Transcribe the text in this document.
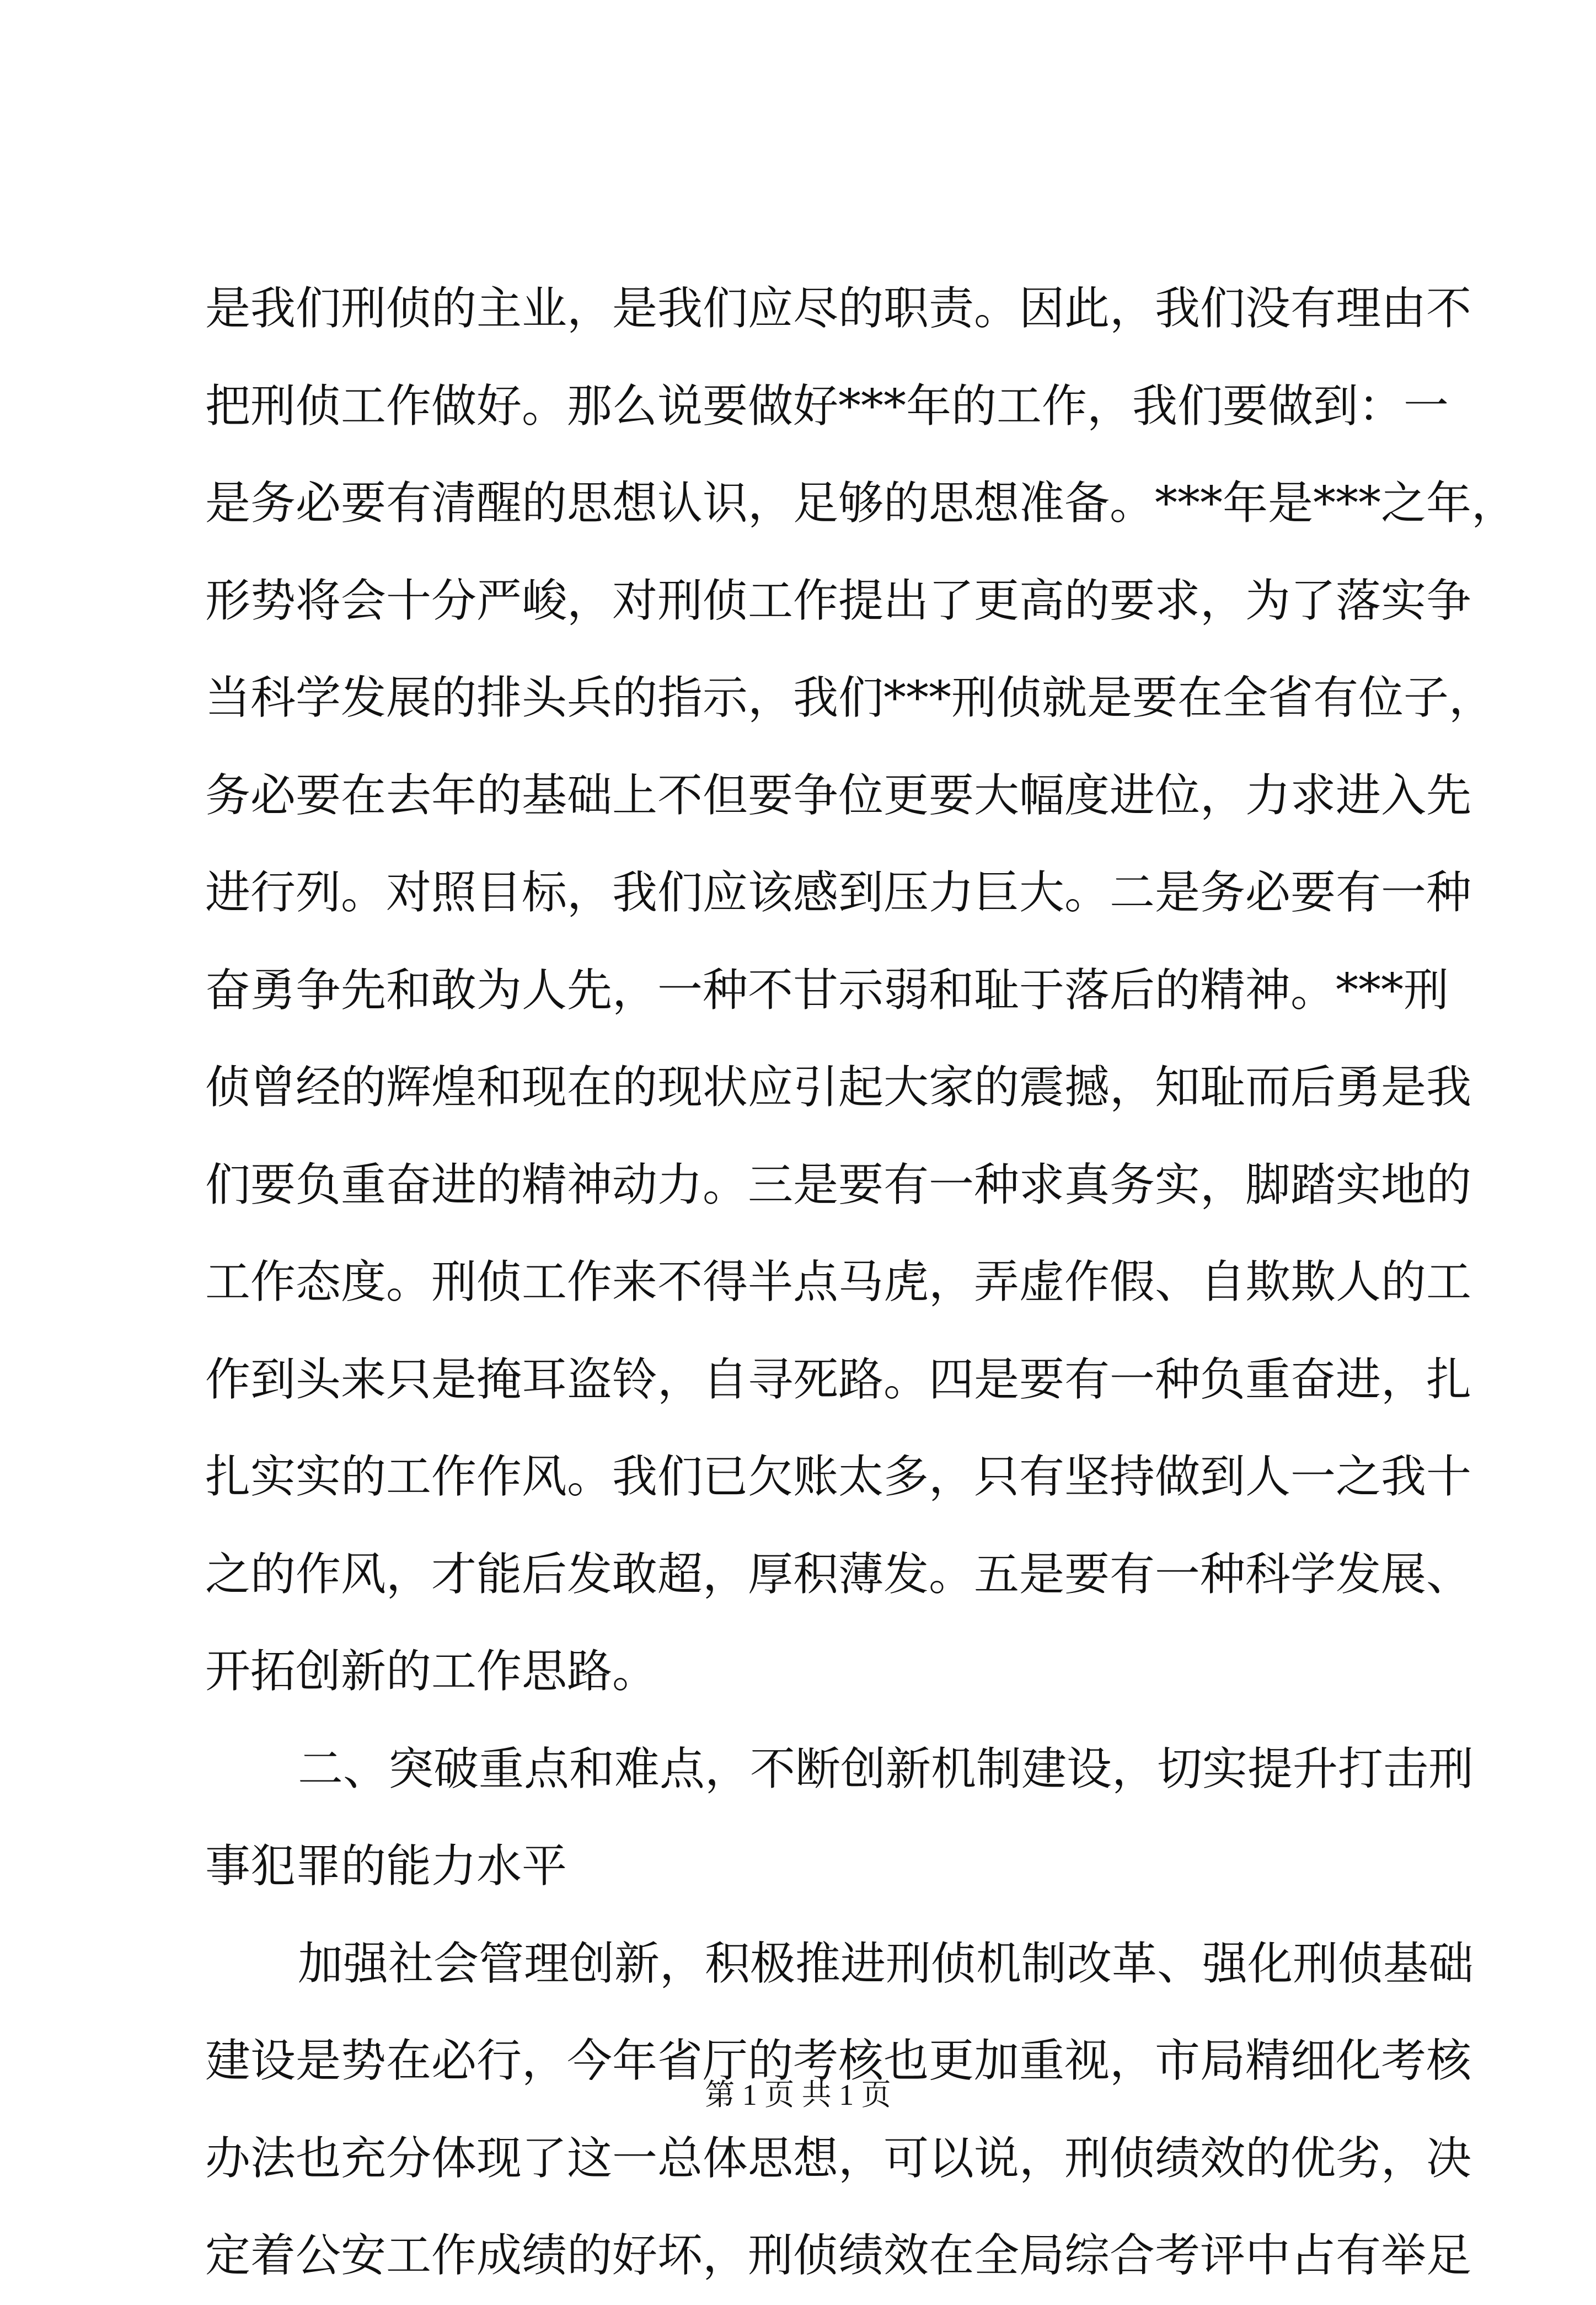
是我们刑侦的主业，是我们应尽的职责。因此，我们没有理由不
把刑侦工作做好。那么说要做好***年的工作，我们要做到：一
是务必要有清醒的思想认识，足够的思想准备。***年是***之年，
形势将会十分严峻，对刑侦工作提出了更高的要求，为了落实争
当科学发展的排头兵的指示，我们***刑侦就是要在全省有位子，
务必要在去年的基础上不但要争位更要大幅度进位，力求进入先
进行列。对照目标，我们应该感到压力巨大。二是务必要有一种
奋勇争先和敢为人先，一种不甘示弱和耻于落后的精神。***刑
侦曾经的辉煌和现在的现状应引起大家的震撼，知耻而后勇是我
们要负重奋进的精神动力。三是要有一种求真务实，脚踏实地的
工作态度。刑侦工作来不得半点马虎，弄虚作假、自欺欺人的工
作到头来只是掩耳盗铃，自寻死路。四是要有一种负重奋进，扎
扎实实的工作作风。我们已欠账太多，只有坚持做到人一之我十
之的作风，才能后发敢超，厚积薄发。五是要有一种科学发展、
开拓创新的工作思路。
二、突破重点和难点，不断创新机制建设，切实提升打击刑
事犯罪的能力水平
加强社会管理创新，积极推进刑侦机制改革、强化刑侦基础
建设是势在必行，今年省厅的考核也更加重视，市局精细化考核
办法也充分体现了这一总体思想，可以说，刑侦绩效的优劣，决
定着公安工作成绩的好坏，刑侦绩效在全局综合考评中占有举足
第 1 页 共 1 页
